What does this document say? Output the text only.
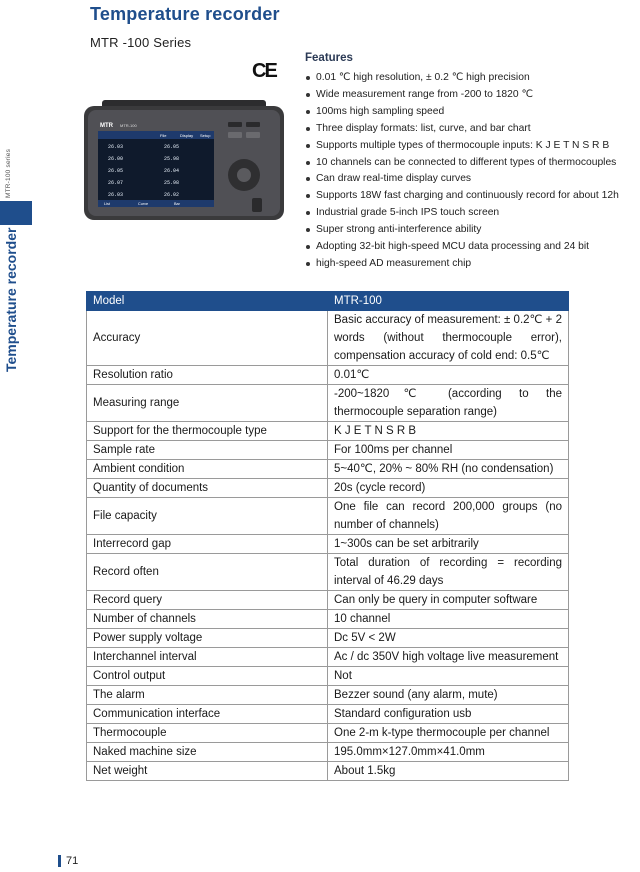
MTR-100 series
Temperature recorder
Temperature recorder
MTR -100 Series
CE
MTR MTR-100
File	Display Setup
26.03	26.05
26.00	25.98
26.05	26.04
26.07	25.98
26.03	26.02
List	Curve	Bar
Features
0.01 ℃ high resolution, ± 0.2 ℃ high precision
Wide measurement range from -200 to 1820 ℃
100ms high sampling speed
Three display formats: list, curve, and bar chart
Supports multiple types of thermocouple inputs: K J E T N S R B
10 channels can be connected to different types of thermocouples
Can draw real-time display curves
Supports 18W fast charging and continuously record for about 12h
Industrial grade 5-inch IPS touch screen
Super strong anti-interference ability
Adopting 32-bit high-speed MCU data processing and 24 bit
high-speed AD measurement chip
Model	MTR-100
Accuracy	Basic accuracy of measurement: ± 0.2℃ + 2 words (without thermocouple error), compensation accuracy of cold end: 0.5℃
Resolution ratio	0.01℃
Measuring range	-200~1820℃ (according to the thermocouple separation range)
Support for the thermocouple type	K J E T N S R B
Sample rate	For 100ms per channel
Ambient condition	5~40℃, 20% ~ 80% RH (no condensation)
Quantity of documents	20s (cycle record)
File capacity	One file can record 200,000 groups (no number of channels)
Interrecord gap	1~300s can be set arbitrarily
Record often	Total duration of recording = recording interval of 46.29 days
Record query	Can only be query in computer software
Number of channels	10 channel
Power supply voltage	Dc 5V < 2W
Interchannel interval	Ac / dc 350V high voltage live measurement
Control output	Not
The alarm	Bezzer sound (any alarm, mute)
Communication interface	Standard configuration usb
Thermocouple	One 2-m k-type thermocouple per channel
Naked machine size	195.0mm×127.0mm×41.0mm
Net weight	About 1.5kg
71
